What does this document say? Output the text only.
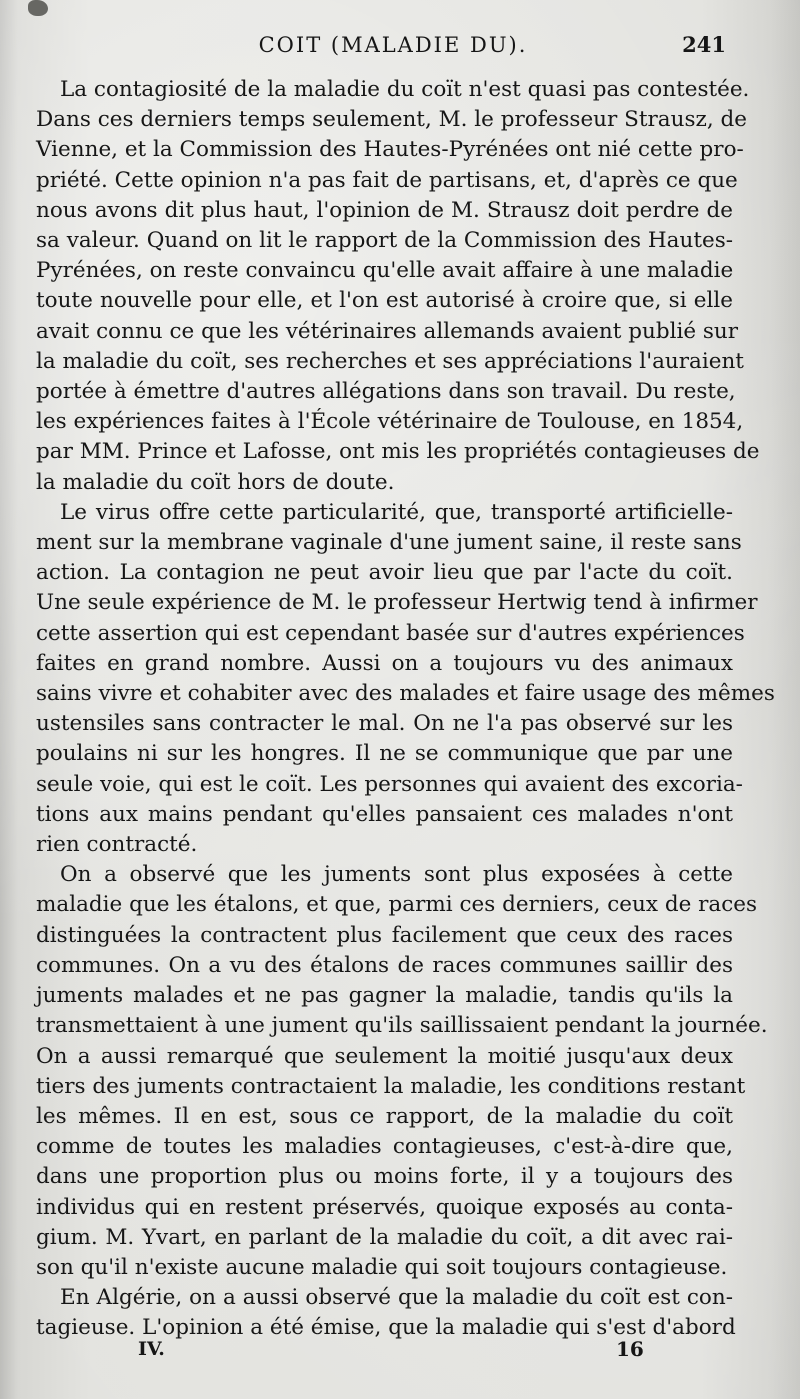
COIT (MALADIE DU).	241
La contagiosité de la maladie du coït n'est quasi pas contestée.
Dans ces derniers temps seulement, M. le professeur Strausz, de
Vienne, et la Commission des Hautes-Pyrénées ont nié cette pro-
priété. Cette opinion n'a pas fait de partisans, et, d'après ce que
nous avons dit plus haut, l'opinion de M. Strausz doit perdre de
sa valeur. Quand on lit le rapport de la Commission des Hautes-
Pyrénées, on reste convaincu qu'elle avait affaire à une maladie
toute nouvelle pour elle, et l'on est autorisé à croire que, si elle
avait connu ce que les vétérinaires allemands avaient publié sur
la maladie du coït, ses recherches et ses appréciations l'auraient
portée à émettre d'autres allégations dans son travail. Du reste,
les expériences faites à l'École vétérinaire de Toulouse, en 1854,
par MM. Prince et Lafosse, ont mis les propriétés contagieuses de
la maladie du coït hors de doute.
Le virus offre cette particularité, que, transporté artificielle-
ment sur la membrane vaginale d'une jument saine, il reste sans
action. La contagion ne peut avoir lieu que par l'acte du coït.
Une seule expérience de M. le professeur Hertwig tend à infirmer
cette assertion qui est cependant basée sur d'autres expériences
faites en grand nombre. Aussi on a toujours vu des animaux
sains vivre et cohabiter avec des malades et faire usage des mêmes
ustensiles sans contracter le mal. On ne l'a pas observé sur les
poulains ni sur les hongres. Il ne se communique que par une
seule voie, qui est le coït. Les personnes qui avaient des excoria-
tions aux mains pendant qu'elles pansaient ces malades n'ont
rien contracté.
On a observé que les juments sont plus exposées à cette
maladie que les étalons, et que, parmi ces derniers, ceux de races
distinguées la contractent plus facilement que ceux des races
communes. On a vu des étalons de races communes saillir des
juments malades et ne pas gagner la maladie, tandis qu'ils la
transmettaient à une jument qu'ils saillissaient pendant la journée.
On a aussi remarqué que seulement la moitié jusqu'aux deux
tiers des juments contractaient la maladie, les conditions restant
les mêmes. Il en est, sous ce rapport, de la maladie du coït
comme de toutes les maladies contagieuses, c'est-à-dire que,
dans une proportion plus ou moins forte, il y a toujours des
individus qui en restent préservés, quoique exposés au conta-
gium. M. Yvart, en parlant de la maladie du coït, a dit avec rai-
son qu'il n'existe aucune maladie qui soit toujours contagieuse.
En Algérie, on a aussi observé que la maladie du coït est con-
tagieuse. L'opinion a été émise, que la maladie qui s'est d'abord
IV.	16
